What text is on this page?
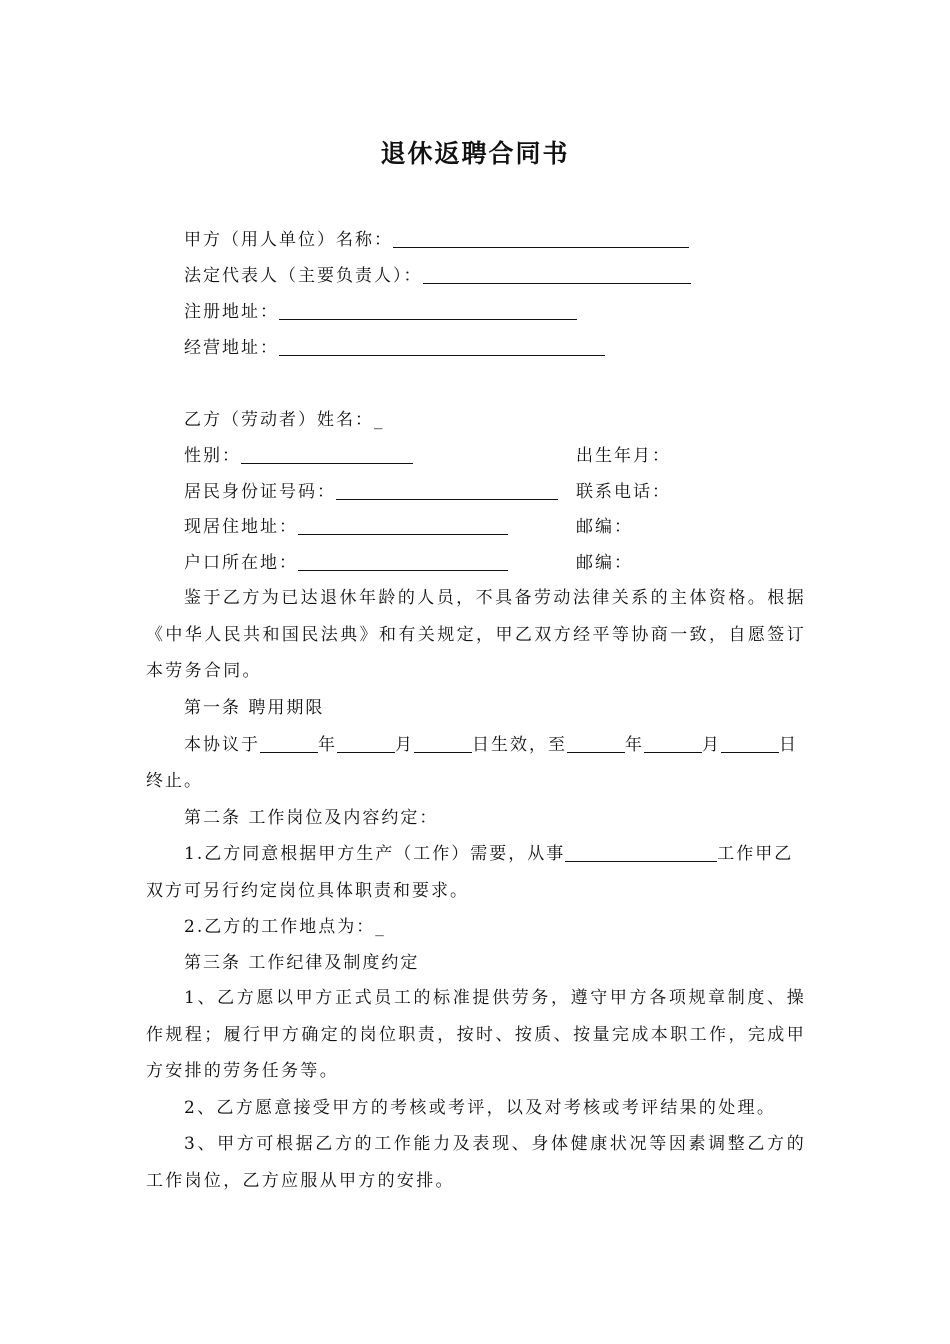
退休返聘合同书
甲方（用人单位）名称：
法定代表人（主要负责人）：
注册地址：
经营地址：
乙方（劳动者）姓名：_
性别：	出生年月：
居民身份证号码：	联系电话：
现居住地址：	邮编：
户口所在地：	邮编：

鉴于乙方为已达退休年龄的人员，不具备劳动法律关系的主体资格。根据《中华人民共和国民法典》和有关规定，甲乙双方经平等协商一致，自愿签订本劳务合同。

第一条 聘用期限
本协议于	年	月	日生效，至	年	月	日
终止。
第二条 工作岗位及内容约定：
1.乙方同意根据甲方生产（工作）需要，从事	工作甲乙
双方可另行约定岗位具体职责和要求。
2.乙方的工作地点为：_
第三条 工作纪律及制度约定

1、乙方愿以甲方正式员工的标准提供劳务，遵守甲方各项规章制度、操作规程；履行甲方确定的岗位职责，按时、按质、按量完成本职工作，完成甲方安排的劳务任务等。

2、乙方愿意接受甲方的考核或考评，以及对考核或考评结果的处理。

3、甲方可根据乙方的工作能力及表现、身体健康状况等因素调整乙方的工作岗位，乙方应服从甲方的安排。
